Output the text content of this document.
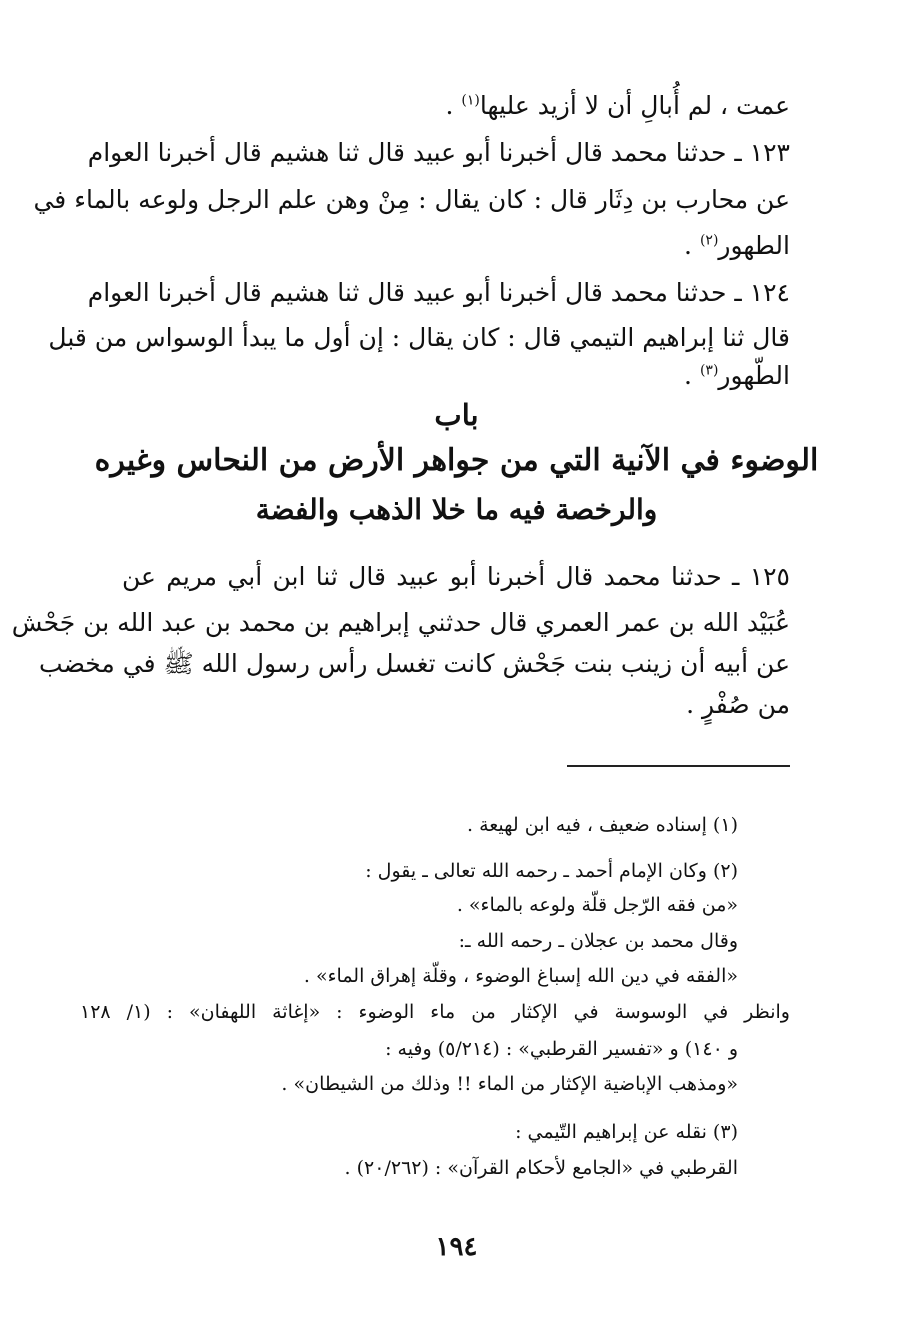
عمت ، لم أُبالِ أن لا أزيد عليها$^{(١)}$ .
١٢٣ ـ حدثنا محمد قال أخبرنا أبو عبيد قال ثنا هشيم قال أخبرنا العوام
عن محارب بن دِثَار قال : كان يقال : مِنْ وهن علم الرجل ولوعه بالماء في
الطهور$^{(٢)}$ .
١٢٤ ـ حدثنا محمد قال أخبرنا أبو عبيد قال ثنا هشيم قال أخبرنا العوام
قال ثنا إبراهيم التيمي قال : كان يقال : إن أول ما يبدأ الوسواس من قبل
الطّهور$^{(٣)}$ .
باب
الوضوء في الآنية التي من جواهر الأرض من النحاس وغيره
والرخصة فيه ما خلا الذهب والفضة
١٢٥ ـ حدثنا محمد قال أخبرنا أبو عبيد قال ثنا ابن أبي مريم عن
عُبَيْد الله بن عمر العمري قال حدثني إبراهيم بن محمد بن عبد الله بن جَحْش
عن أبيه أن زينب بنت جَحْش كانت تغسل رأس رسول الله ﷺ في مخضب
من صُفْرٍ .
(١) إسناده ضعيف ، فيه ابن لهيعة .
(٢) وكان الإمام أحمد ـ رحمه الله تعالى ـ يقول :
«من فقه الرّجل قلّة ولوعه بالماء» .
وقال محمد بن عجلان ـ رحمه الله ـ:
«الفقه في دين الله إسباغ الوضوء ، وقلّة إهراق الماء» .
وانظر في الوسوسة في الإكثار من ماء الوضوء : «إغاثة اللهفان» : (١/ ١٢٨
و ١٤٠) و «تفسير القرطبي» : (٥/٢١٤) وفيه :
«ومذهب الإباضية الإكثار من الماء !! وذلك من الشيطان» .
(٣) نقله عن إبراهيم التّيمي :
القرطبي في «الجامع لأحكام القرآن» : (٢٠/٢٦٢) .
١٩٤
